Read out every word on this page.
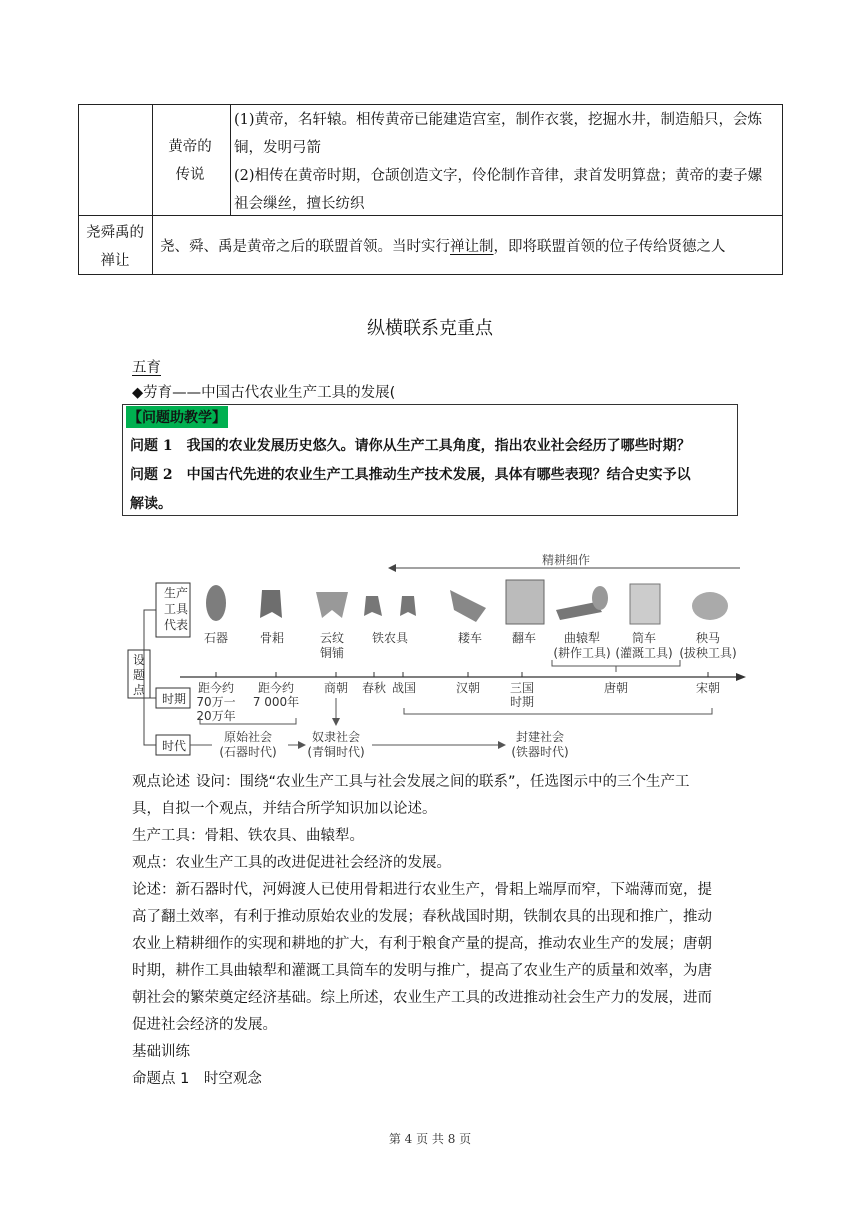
黄帝的
传说
(1)黄帝，名轩辕。相传黄帝已能建造宫室，制作衣裳，挖掘水井，制造船只，会炼
铜，发明弓箭
(2)相传在黄帝时期，仓颉创造文字，伶伦制作音律，隶首发明算盘；黄帝的妻子嫘
祖会缫丝，擅长纺织
尧舜禹的
禅让
尧、舜、禹是黄帝之后的联盟首领。当时实行禅让制，即将联盟首领的位子传给贤德之人
纵横联系克重点
五育
◆劳育——中国古代农业生产工具的发展(
【问题助教学】
问题 1　我国的农业发展历史悠久。请你从生产工具角度，指出农业社会经历了哪些时期？
问题 2　中国古代先进的农业生产工具推动生产技术发展，具体有哪些表现？结合史实予以
解读。
精耕细作
生产 工具 代表
设 题 点
时期
时代
石器	骨耜	云纹
铜铺
铁农具	耧车 翻车 曲辕犁
(耕作工具)
筒车
(灌溉工具)
秧马
(拔秧工具)
距今约
70万一
20万年
距今约
7 000年
商朝 春秋 战国	汉朝 三国
时期
唐朝	宋朝
原始社会
(石器时代)
奴隶社会
(青铜时代)
封建社会
(铁器时代)
观点论述 设问：围绕“农业生产工具与社会发展之间的联系”，任选图示中的三个生产工
具，自拟一个观点，并结合所学知识加以论述。
生产工具：骨耜、铁农具、曲辕犁。
观点：农业生产工具的改进促进社会经济的发展。
论述：新石器时代，河姆渡人已使用骨耜进行农业生产，骨耜上端厚而窄，下端薄而宽，提
高了翻土效率，有利于推动原始农业的发展；春秋战国时期，铁制农具的出现和推广，推动
农业上精耕细作的实现和耕地的扩大，有利于粮食产量的提高，推动农业生产的发展；唐朝
时期，耕作工具曲辕犁和灌溉工具筒车的发明与推广，提高了农业生产的质量和效率，为唐
朝社会的繁荣奠定经济基础。综上所述，农业生产工具的改进推动社会生产力的发展，进而
促进社会经济的发展。
基础训练
命题点 1　时空观念
第 4 页 共 8 页
